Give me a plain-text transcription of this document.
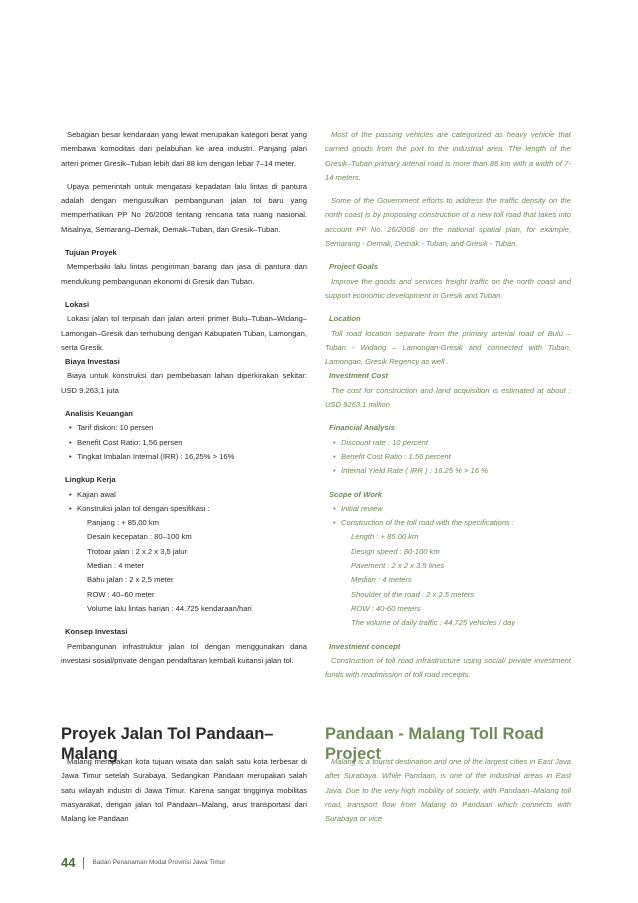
Sebagian besar kendaraan yang lewat merupakan kategori berat yang membawa komoditas dari pelabuhan ke area industri. Panjang jalan arteri primer Gresik–Tuban lebih dari 88 km dengan lebar 7–14 meter.

Upaya pemerintah untuk mengatasi kepadatan lalu lintas di pantura adalah dengan mengusulkan pembangunan jalan tol baru yang memperhatikan PP No 26/2008 tentang rencana tata ruang nasional. Misalnya, Semarang–Demak, Demak–Tuban, dan Gresik–Tuban.

Tujuan Proyek

Memperbaiki lalu lintas pengiriman barang dan jasa di pantura dan mendukung pembangunan ekonomi di Gresik dan Tuban.

Lokasi

Lokasi jalan tol terpisah dari jalan arteri primer Bulu–Tuban–Widang–Lamongan–Gresik dan terhubung dengan Kabupaten Tuban, Lamongan, serta Gresik.

Biaya Investasi

Biaya untuk konstruksi dan pembebasan lahan diperkirakan sekitar: USD 9.263,1 juta

Analisis Keuangan

• Tarif diskon: 10 persen

• Benefit Cost Ratio: 1,56 persen

• Tingkat Imbalan Internal (IRR) : 16,25% > 16%

Lingkup Kerja

• Kajian awal

• Konstruksi jalan tol dengan spesifikasi :

Panjang : + 85,00 km

Desain kecepatan : 80–100 km

Trotoar jalan : 2 x 2 x 3,5 jalur

Median : 4 meter

Bahu jalan : 2 x 2,5 meter

ROW : 40–60 meter

Volume lalu lintas harian : 44.725 kendaraan/hari

Konsep Investasi

Pembangunan infrastruktur jalan tol dengan menggunakan dana investasi sosial/private dengan pendaftaran kembali kuitansi jalan tol.

Most of the passing vehicles are categorized as heavy vehicle that carried goods from the port to the industrial area. The length of the Gresik–Tuban primary arterial road is more than 88 km with a width of 7-14 meters.

Some of the Government efforts to address the traffic density on the north coast is by proposing construction of a new toll road that takes into account PP No. 26/2008 on the national spatial plan, for example, Semarang - Demak, Demak - Tuban, and Gresik - Tuban.

Project Goals

Improve the goods and services freight traffic on the north coast and support economic development in Gresik and Tuban.

Location

Toll road location separate from the primary arterial road of Bulu – Tuban - Widang – Lamongan-Gresik and connected with Tuban, Lamongan, Gresik Regency as well .

Investment Cost

The cost for construction and land acquisition is estimated at about : USD 9263.1 million

Financial Analysis

• Discount rate : 10 percent

• Benefit Cost Ratio : 1.56 percent

• Internal Yield Rate ( IRR ) : 16.25 % > 16 %

Scope of Work

• Initial review

• Construction of the toll road with the specifications :

Length : + 85.00 km

Design speed : 80-100 km

Pavement : 2 x 2 x 3.5 lines

Median : 4 meters

Shoulder of the road : 2 x 2.5 meters

ROW : 40-60 meters

The volume of daily traffic : 44,725 vehicles / day

Investment concept

Construction of toll road infrastructure using social/ private investment funds with readmission of toll road receipts.

Proyek Jalan Tol Pandaan–Malang
Pandaan - Malang Toll Road Project

Malang merupakan kota tujuan wisata dan salah satu kota terbesar di Jawa Timur setelah Surabaya. Sedangkan Pandaan merupakan salah satu wilayah industri di Jawa Timur. Karena sangat tingginya mobilitas masyarakat, dengan jalan tol Pandaan–Malang, arus transportasi dari Malang ke Pandaan

Malang is a tourist destination and one of the largest cities in East Java after Surabaya. While Pandaan, is one of the industrial areas in East Java. Due to the very high mobility of society, with Pandaan–Malang toll road, transport flow from Malang to Pandaan which connects with Surabaya or vice

44	Badan Penanaman Modal Provinsi Jawa Timur
